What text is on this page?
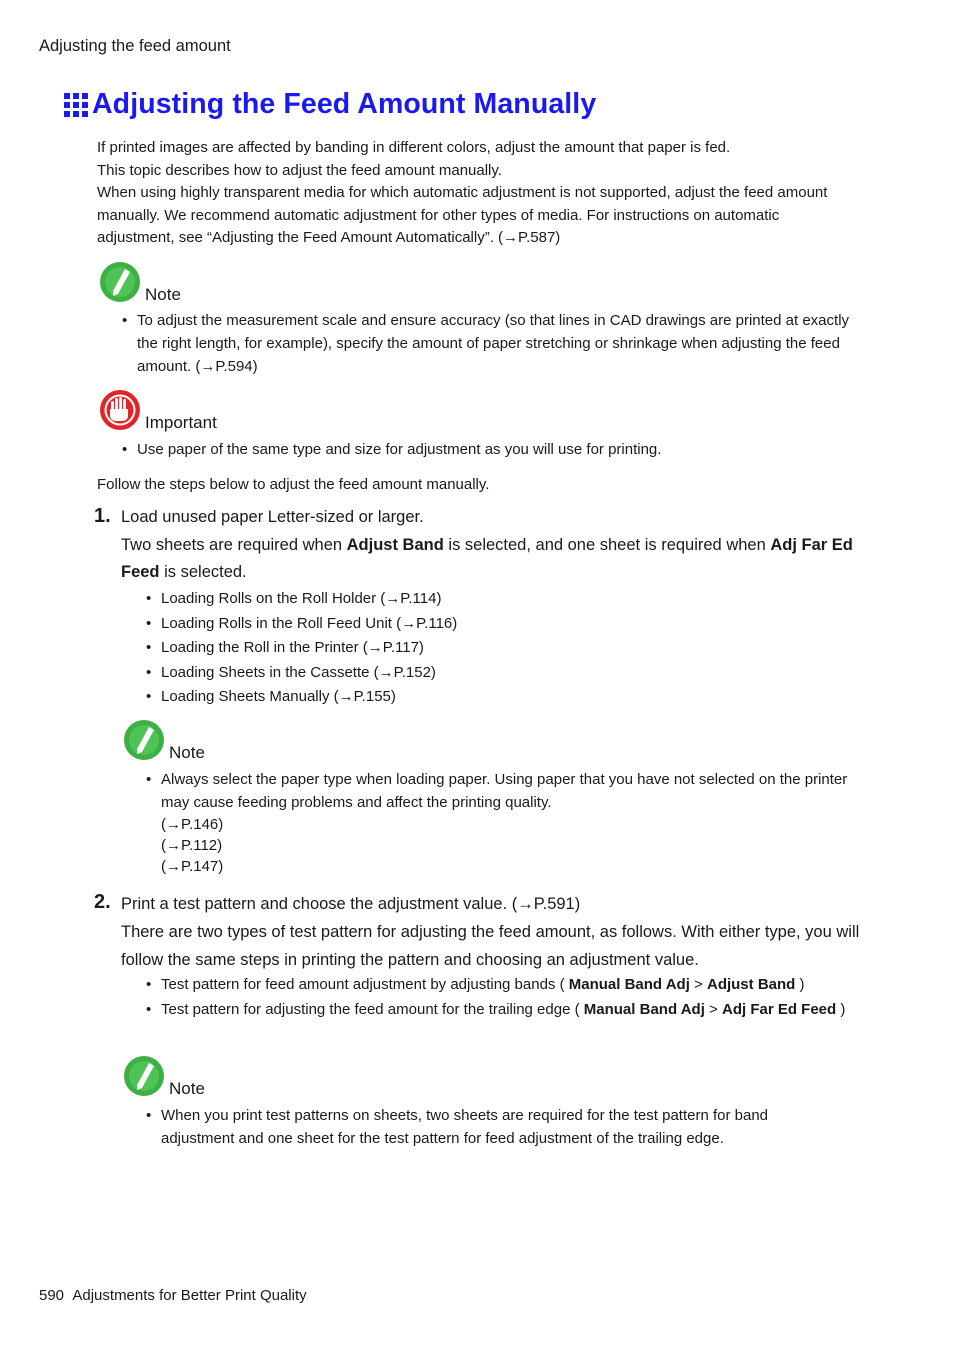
Adjusting the feed amount
Adjusting the Feed Amount Manually
If printed images are affected by banding in different colors, adjust the amount that paper is fed.
This topic describes how to adjust the feed amount manually.
When using highly transparent media for which automatic adjustment is not supported, adjust the feed amount
manually. We recommend automatic adjustment for other types of media. For instructions on automatic
adjustment, see “Adjusting the Feed Amount Automatically”. (→P.587)
Note
• To adjust the measurement scale and ensure accuracy (so that lines in CAD drawings are printed at exactly the right length, for example), specify the amount of paper stretching or shrinkage when adjusting the feed amount. (→P.594)
Important
• Use paper of the same type and size for adjustment as you will use for printing.
Follow the steps below to adjust the feed amount manually.
1. Load unused paper Letter-sized or larger.
Two sheets are required when Adjust Band is selected, and one sheet is required when Adj Far Ed Feed is selected.
• Loading Rolls on the Roll Holder (→P.114)
• Loading Rolls in the Roll Feed Unit (→P.116)
• Loading the Roll in the Printer (→P.117)
• Loading Sheets in the Cassette (→P.152)
• Loading Sheets Manually (→P.155)
Note
• Always select the paper type when loading paper. Using paper that you have not selected on the printer may cause feeding problems and affect the printing quality.
(→P.146)
(→P.112)
(→P.147)
2. Print a test pattern and choose the adjustment value. (→P.591)
There are two types of test pattern for adjusting the feed amount, as follows. With either type, you will follow the same steps in printing the pattern and choosing an adjustment value.
• Test pattern for feed amount adjustment by adjusting bands ( Manual Band Adj > Adjust Band )
• Test pattern for adjusting the feed amount for the trailing edge ( Manual Band Adj > Adj Far Ed Feed )
Note
• When you print test patterns on sheets, two sheets are required for the test pattern for band adjustment and one sheet for the test pattern for feed adjustment of the trailing edge.
590 Adjustments for Better Print Quality
